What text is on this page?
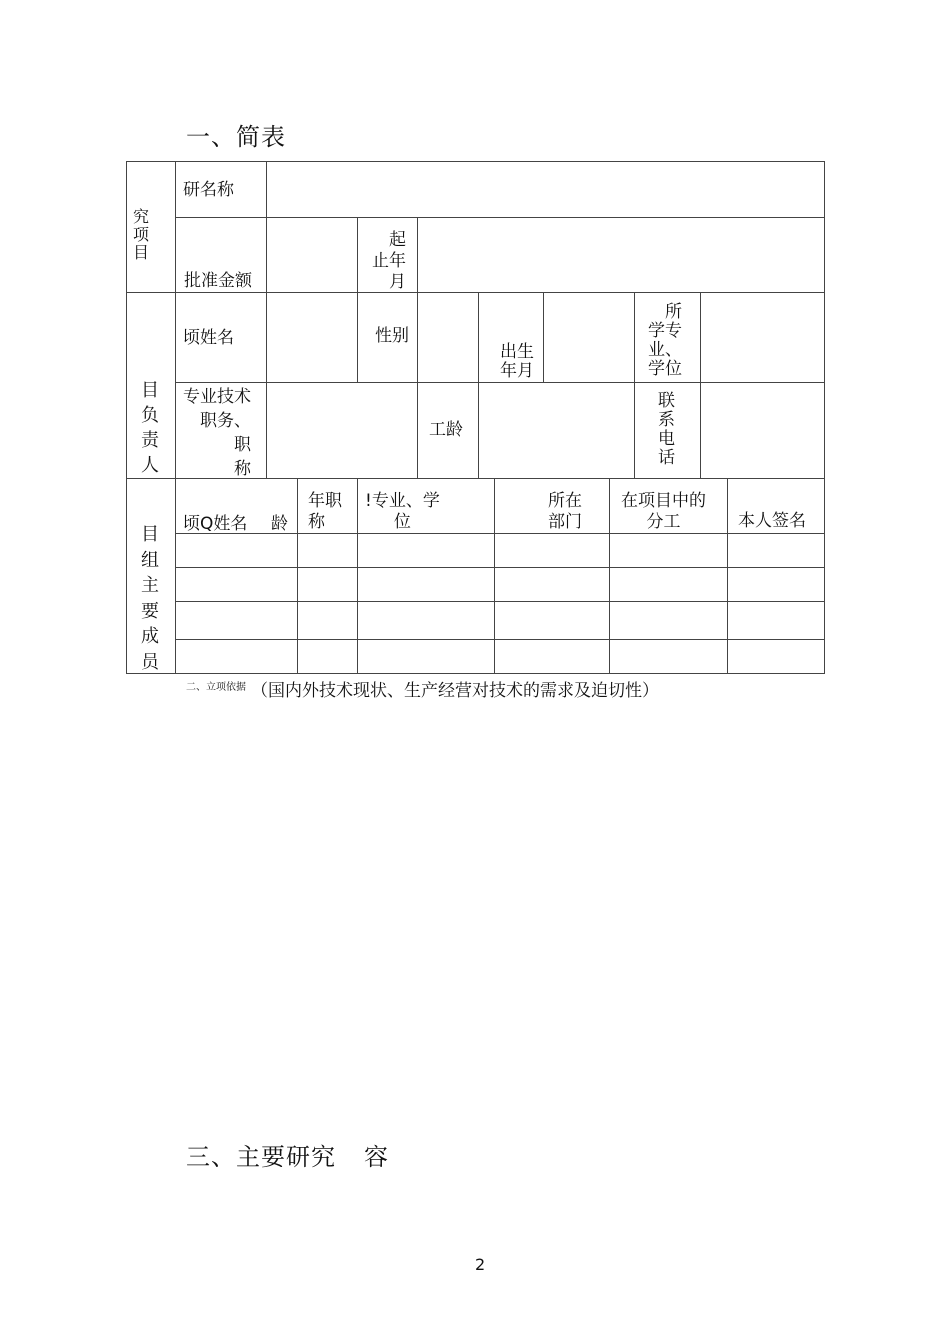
一、简表
究
项
目
研名称
批准金额
起
止年
月
目
负
责
人
顷姓名	性别
出生
年月
所
学专
业、
学位
专业技术
职务、
职
称
工龄
联
系
电
话
目
组
主
要
成
员
顷Q姓名 龄
年职
称
!专业、学
位
所在
部门
在项目中的
分工	本人签名

二、立项依据 （国内外技术现状、生产经营对技术的需求及迫切性）
三、主要研究 容
2
